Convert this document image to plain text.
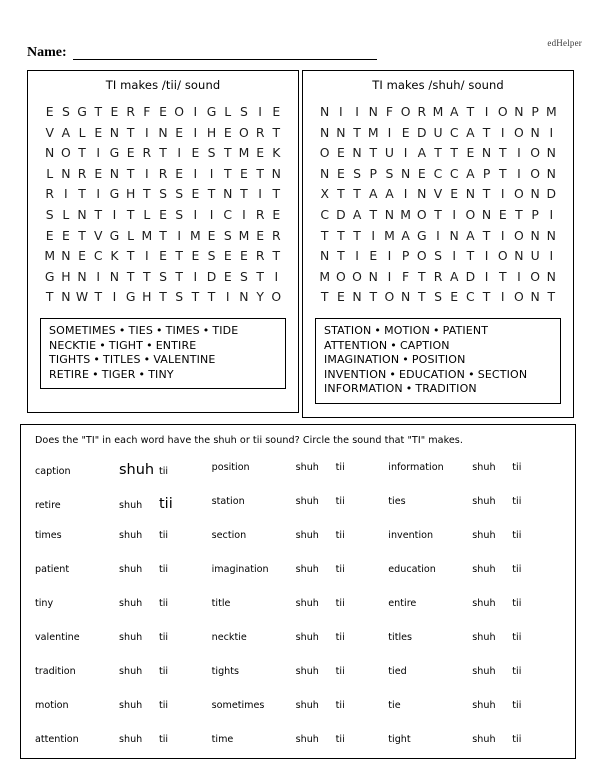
edHelper
Name:
TI makes /tii/ sound
E S G T E R F E O I G L S I E
V A L E N T I N E I H E O R T
N O T I G E R T I E S T M E K
L N R E N T I R E I	I T E T N
R I T I G H T S S E T N T I T
S L N T I T L E S I	I C I R E
E E T V G L M T I M E S M E R
M N E C K T I E T E S E E R T
G H N I N T T S T I D E S T I
T N W T I G H T S T T I N Y O
SOMETIMES • TIES • TIMES • TIDE
NECKTIE • TIGHT • ENTIRE
TIGHTS • TITLES • VALENTINE
RETIRE • TIGER • TINY
TI makes /shuh/ sound
N I	I N F O R M A T I O N P M
N N T M I E D U C A T I O N I
O E N T U I A T T E N T I O N
N E S P S N E C C A P T I O N
X T T A A I N V E N T I O N D
C D A T N M O T I O N E T P I
T T T I M A G I N A T I O N N
N T I E I P O S I T I O N U I
M O O N I F T R A D I T I O N
T E N T O N T S E C T I O N T
STATION • MOTION • PATIENT
ATTENTION • CAPTION
IMAGINATION • POSITION
INVENTION • EDUCATION • SECTION
INFORMATION • TRADITION
Does the "TI" in each word have the shuh or tii sound? Circle the sound that "TI" makes.
caption	shuh tii
retire	shuh	tii
times	shuh	tii
patient	shuh	tii
tiny	shuh	tii
valentine	shuh	tii
tradition	shuh	tii
motion	shuh	tii
attention	shuh	tii
position	shuh	tii
station	shuh	tii
section	shuh	tii
imagination	shuh	tii
title	shuh	tii
necktie	shuh	tii
tights	shuh	tii
sometimes	shuh	tii
time	shuh	tii
information	shuh	tii
ties	shuh	tii
invention	shuh	tii
education	shuh	tii
entire	shuh	tii
titles	shuh	tii
tied	shuh	tii
tie	shuh	tii
tight	shuh	tii
